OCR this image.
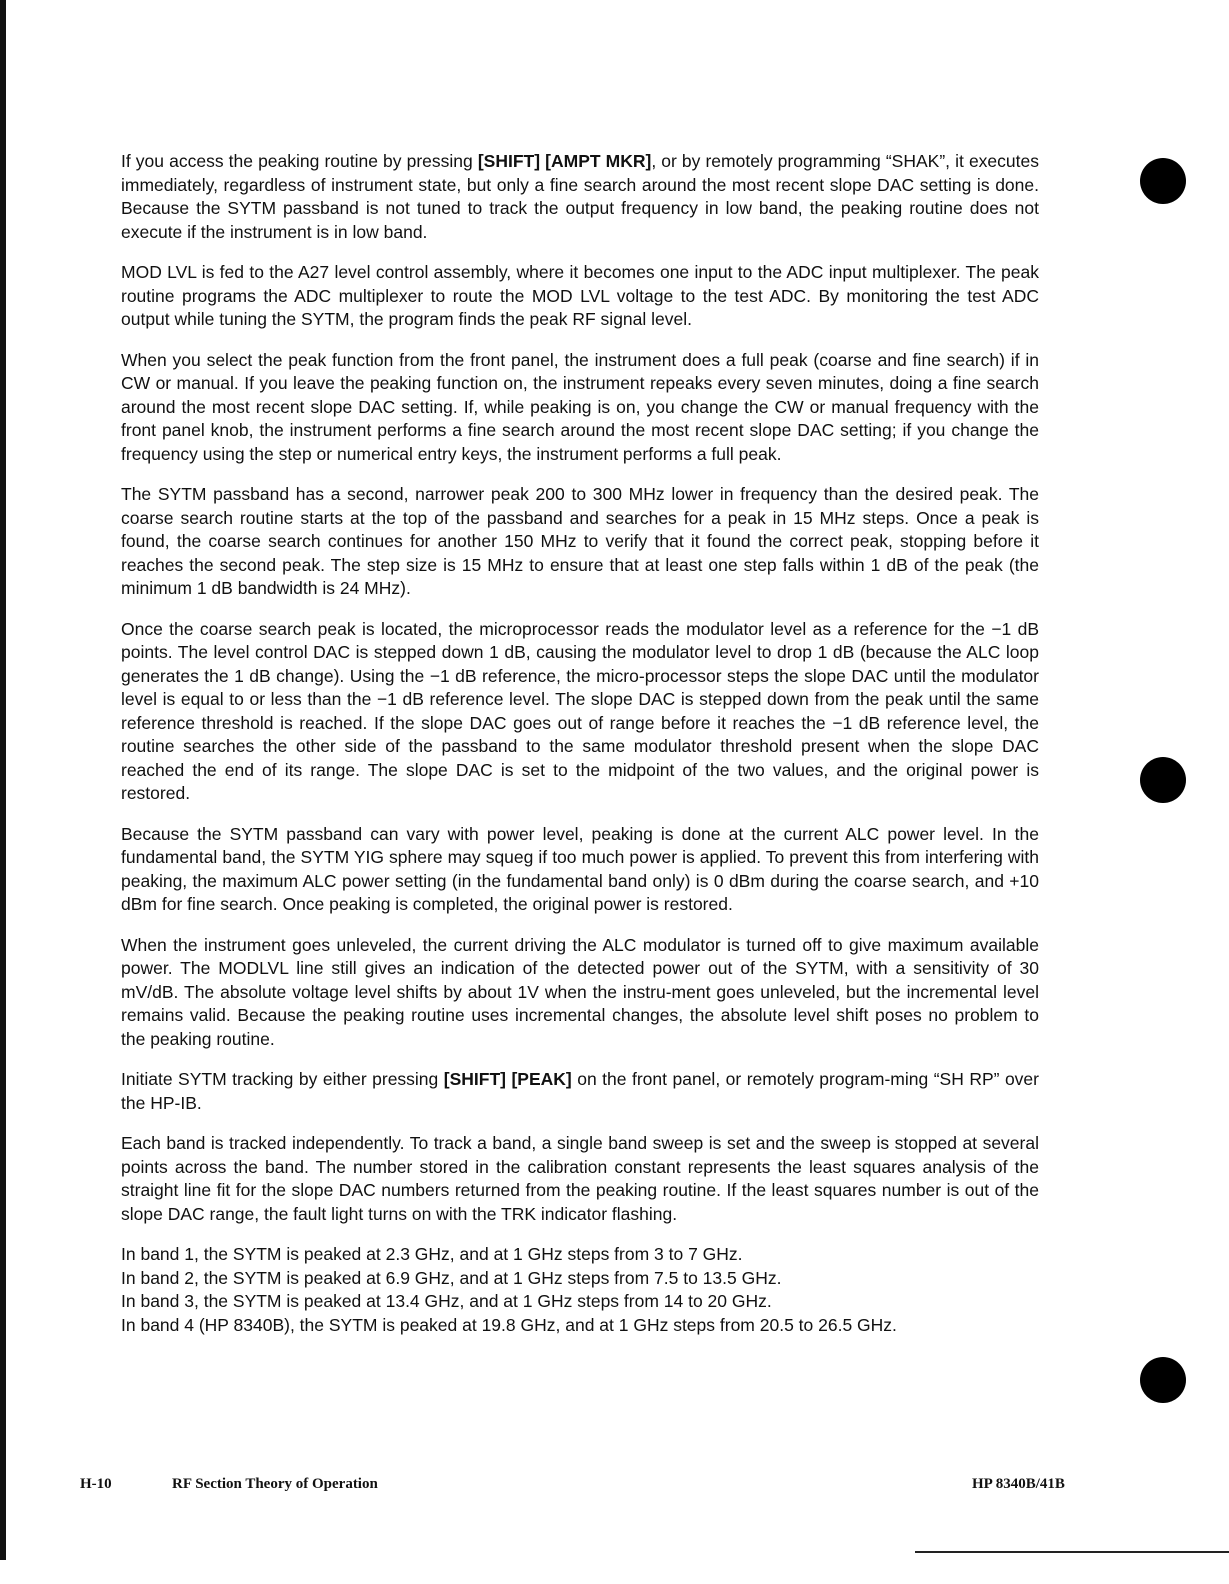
If you access the peaking routine by pressing [SHIFT] [AMPT MKR], or by remotely programming “SHAK”, it executes immediately, regardless of instrument state, but only a fine search around the most recent slope DAC setting is done. Because the SYTM passband is not tuned to track the output frequency in low band, the peaking routine does not execute if the instrument is in low band.

MOD LVL is fed to the A27 level control assembly, where it becomes one input to the ADC input multiplexer. The peak routine programs the ADC multiplexer to route the MOD LVL voltage to the test ADC. By monitoring the test ADC output while tuning the SYTM, the program finds the peak RF signal level.

When you select the peak function from the front panel, the instrument does a full peak (coarse and fine search) if in CW or manual. If you leave the peaking function on, the instrument repeaks every seven minutes, doing a fine search around the most recent slope DAC setting. If, while peaking is on, you change the CW or manual frequency with the front panel knob, the instrument performs a fine search around the most recent slope DAC setting; if you change the frequency using the step or numerical entry keys, the instrument performs a full peak.

The SYTM passband has a second, narrower peak 200 to 300 MHz lower in frequency than the desired peak. The coarse search routine starts at the top of the passband and searches for a peak in 15 MHz steps. Once a peak is found, the coarse search continues for another 150 MHz to verify that it found the correct peak, stopping before it reaches the second peak. The step size is 15 MHz to ensure that at least one step falls within 1 dB of the peak (the minimum 1 dB bandwidth is 24 MHz).

Once the coarse search peak is located, the microprocessor reads the modulator level as a reference for the −1 dB points. The level control DAC is stepped down 1 dB, causing the modulator level to drop 1 dB (because the ALC loop generates the 1 dB change). Using the −1 dB reference, the micro-processor steps the slope DAC until the modulator level is equal to or less than the −1 dB reference level. The slope DAC is stepped down from the peak until the same reference threshold is reached. If the slope DAC goes out of range before it reaches the −1 dB reference level, the routine searches the other side of the passband to the same modulator threshold present when the slope DAC reached the end of its range. The slope DAC is set to the midpoint of the two values, and the original power is restored.

Because the SYTM passband can vary with power level, peaking is done at the current ALC power level. In the fundamental band, the SYTM YIG sphere may squeg if too much power is applied. To prevent this from interfering with peaking, the maximum ALC power setting (in the fundamental band only) is 0 dBm during the coarse search, and +10 dBm for fine search. Once peaking is completed, the original power is restored.

When the instrument goes unleveled, the current driving the ALC modulator is turned off to give maximum available power. The MODLVL line still gives an indication of the detected power out of the SYTM, with a sensitivity of 30 mV/dB. The absolute voltage level shifts by about 1V when the instru-ment goes unleveled, but the incremental level remains valid. Because the peaking routine uses incremental changes, the absolute level shift poses no problem to the peaking routine.

Initiate SYTM tracking by either pressing [SHIFT] [PEAK] on the front panel, or remotely program-ming “SH RP” over the HP-IB.

Each band is tracked independently. To track a band, a single band sweep is set and the sweep is stopped at several points across the band. The number stored in the calibration constant represents the least squares analysis of the straight line fit for the slope DAC numbers returned from the peaking routine. If the least squares number is out of the slope DAC range, the fault light turns on with the TRK indicator flashing.

In band 1, the SYTM is peaked at 2.3 GHz, and at 1 GHz steps from 3 to 7 GHz.
In band 2, the SYTM is peaked at 6.9 GHz, and at 1 GHz steps from 7.5 to 13.5 GHz.
In band 3, the SYTM is peaked at 13.4 GHz, and at 1 GHz steps from 14 to 20 GHz.
In band 4 (HP 8340B), the SYTM is peaked at 19.8 GHz, and at 1 GHz steps from 20.5 to 26.5 GHz.

H-10	RF Section Theory of Operation	HP 8340B/41B
